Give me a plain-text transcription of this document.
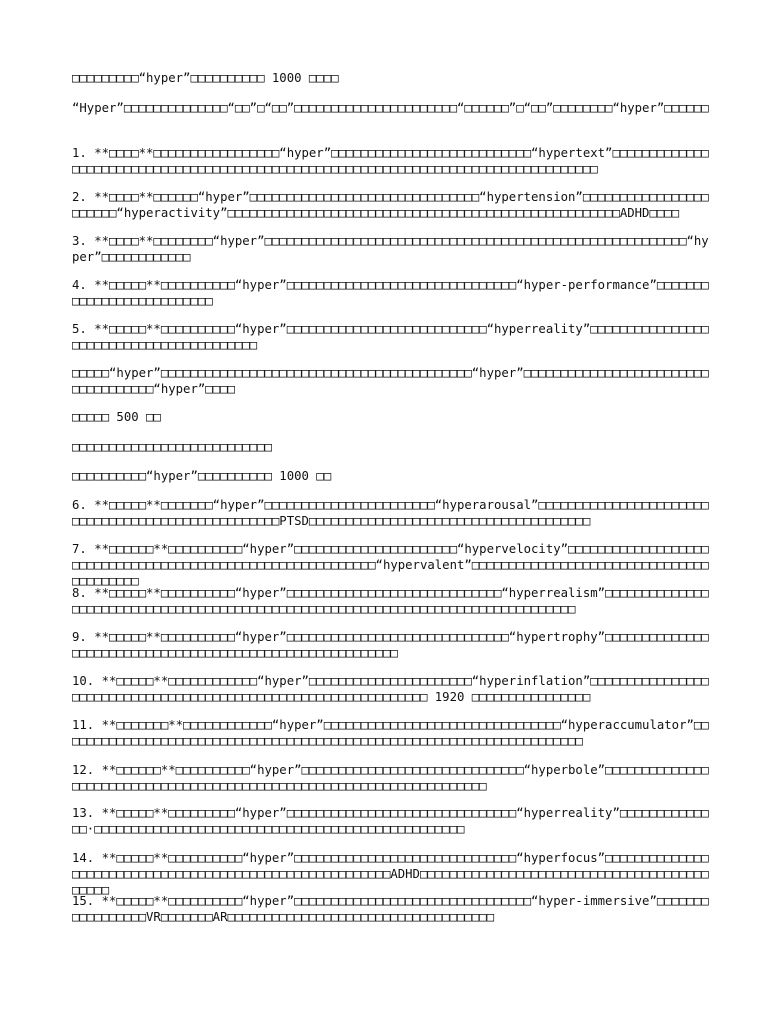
□□□□□□□□□“hyper”□□□□□□□□□□ 1000 □□□□

“Hyper”□□□□□□□□□□□□□□“□□”□“□□”□□□□□□□□□□□□□□□□□□□□□□“□□□□□□”□“□□”□□□□□□□□“hyper”□□□□□□

1. **□□□□**□□□□□□□□□□□□□□□□□“hyper”□□□□□□□□□□□□□□□□□□□□□□□□□□□“hypertext”□□□□□□□□□□□□□□□□□□□□□□□□□□□□□□□□□□□□□□□□□□□□□□□□□□□□□□□□□□□□□□□□□□□□□□□□□□□□□□□□□□□□

2. **□□□□**□□□□□□“hyper”□□□□□□□□□□□□□□□□□□□□□□□□□□□□□□□“hypertension”□□□□□□□□□□□□□□□□□□□□□□□“hyperactivity”□□□□□□□□□□□□□□□□□□□□□□□□□□□□□□□□□□□□□□□□□□□□□□□□□□□□□ADHD□□□□

3. **□□□□**□□□□□□□□“hyper”□□□□□□□□□□□□□□□□□□□□□□□□□□□□□□□□□□□□□□□□□□□□□□□□□□□□□□□□□“hyper”□□□□□□□□□□□□

4. **□□□□□**□□□□□□□□□□“hyper”□□□□□□□□□□□□□□□□□□□□□□□□□□□□□□□“hyper-performance”□□□□□□□□□□□□□□□□□□□□□□□□□□

5. **□□□□□**□□□□□□□□□□“hyper”□□□□□□□□□□□□□□□□□□□□□□□□□□□“hyperreality”□□□□□□□□□□□□□□□□□□□□□□□□□□□□□□□□□□□□□□□□□

□□□□□“hyper”□□□□□□□□□□□□□□□□□□□□□□□□□□□□□□□□□□□□□□□□□□“hyper”□□□□□□□□□□□□□□□□□□□□□□□□□□□□□□□□□□□□“hyper”□□□□

□□□□□ 500 □□

□□□□□□□□□□□□□□□□□□□□□□□□□□□

□□□□□□□□□□“hyper”□□□□□□□□□□ 1000 □□

6. **□□□□□**□□□□□□□“hyper”□□□□□□□□□□□□□□□□□□□□□□□“hyperarousal”□□□□□□□□□□□□□□□□□□□□□□□□□□□□□□□□□□□□□□□□□□□□□□□□□□□PTSD□□□□□□□□□□□□□□□□□□□□□□□□□□□□□□□□□□□□□□

7. **□□□□□□**□□□□□□□□□□“hyper”□□□□□□□□□□□□□□□□□□□□□□“hypervelocity”□□□□□□□□□□□□□□□□□□□□□□□□□□□□□□□□□□□□□□□□□□□□□□□□□□□□□□□□□□□□“hypervalent”□□□□□□□□□□□□□□□□□□□□□□□□□□□□□□□□□□□□□□□□□

8. **□□□□□**□□□□□□□□□□“hyper”□□□□□□□□□□□□□□□□□□□□□□□□□□□□□“hyperrealism”□□□□□□□□□□□□□□□□□□□□□□□□□□□□□□□□□□□□□□□□□□□□□□□□□□□□□□□□□□□□□□□□□□□□□□□□□□□□□□□□□□

9. **□□□□□**□□□□□□□□□□“hyper”□□□□□□□□□□□□□□□□□□□□□□□□□□□□□□“hypertrophy”□□□□□□□□□□□□□□□□□□□□□□□□□□□□□□□□□□□□□□□□□□□□□□□□□□□□□□□□□□

10. **□□□□□**□□□□□□□□□□□□“hyper”□□□□□□□□□□□□□□□□□□□□□□“hyperinflation”□□□□□□□□□□□□□□□□□□□□□□□□□□□□□□□□□□□□□□□□□□□□□□□□□□□□□□□□□□□□□□□□ 1920 □□□□□□□□□□□□□□□□

11. **□□□□□□□**□□□□□□□□□□□□“hyper”□□□□□□□□□□□□□□□□□□□□□□□□□□□□□□□□“hyperaccumulator”□□□□□□□□□□□□□□□□□□□□□□□□□□□□□□□□□□□□□□□□□□□□□□□□□□□□□□□□□□□□□□□□□□□□□□□

12. **□□□□□□**□□□□□□□□□□“hyper”□□□□□□□□□□□□□□□□□□□□□□□□□□□□□□“hyperbole”□□□□□□□□□□□□□□□□□□□□□□□□□□□□□□□□□□□□□□□□□□□□□□□□□□□□□□□□□□□□□□□□□□□□□□

13. **□□□□□**□□□□□□□□□“hyper”□□□□□□□□□□□□□□□□□□□□□□□□□□□□□□□“hyperreality”□□□□□□□□□□□□□□·□□□□□□□□□□□□□□□□□□□□□□□□□□□□□□□□□□□□□□□□□□□□□□□□□□

14. **□□□□□**□□□□□□□□□□“hyper”□□□□□□□□□□□□□□□□□□□□□□□□□□□□□□“hyperfocus”□□□□□□□□□□□□□□□□□□□□□□□□□□□□□□□□□□□□□□□□□□□□□□□□□□□□□□□□□ADHD□□□□□□□□□□□□□□□□□□□□□□□□□□□□□□□□□□□□□□□□□□□□

15. **□□□□□**□□□□□□□□□□“hyper”□□□□□□□□□□□□□□□□□□□□□□□□□□□□□□□□“hyper-immersive”□□□□□□□□□□□□□□□□□VR□□□□□□□AR□□□□□□□□□□□□□□□□□□□□□□□□□□□□□□□□□□□□
